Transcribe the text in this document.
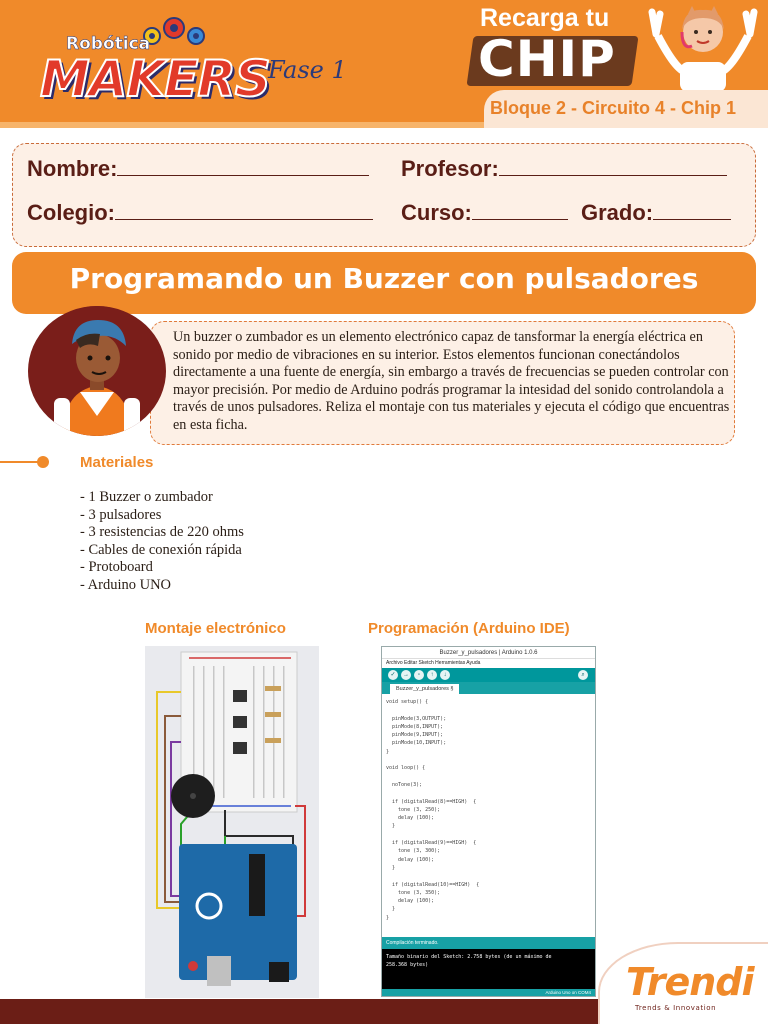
Robótica
MAKERS
Fase 1
Recarga tu
CHIP
Bloque 2 - Circuito 4 - Chip 1
Nombre:	Profesor:
Colegio:	Curso:	Grado:
Programando un Buzzer con pulsadores

Un buzzer o zumbador es un elemento electrónico capaz de tansformar la energía eléctrica en sonido por medio de vibraciones en su interior. Estos elementos funcionan conectándolos directamente a una fuente de energía, sin embargo a través de frecuencias se pueden controlar con mayor precisión. Por medio de Arduino podrás programar la intesidad del sonido controlandola a través de unos pulsadores. Reliza el montaje con tus materiales y ejecuta el código que encuentras en esta ficha.

Materiales
- 1 Buzzer o zumbador
- 3 pulsadores
- 3 resistencias de 220 ohms
- Cables de conexión rápida
- Protoboard
- Arduino UNO
Montaje electrónico	Programación (Arduino IDE)
Buzzer_y_pulsadores | Arduino 1.0.6
Archivo Editar Sketch Herramientas Ayuda
✓	→	▫	↑	↓	⌕
Buzzer_y_pulsadores §
void setup() {

pinMode(3,OUTPUT);
pinMode(8,INPUT);
pinMode(9,INPUT);
pinMode(10,INPUT);
}

void loop() {

noTone(3);

if (digitalRead(8)==HIGH)  {
tone (3, 250);
delay (100);
}

if (digitalRead(9)==HIGH)  {
tone (3, 300);
delay (100);
}

if (digitalRead(10)==HIGH)  {
tone (3, 350);
delay (100);
}
}
Compilación terminado.
Tamaño binario del Sketch: 2.758 bytes (de un máximo de
258.368 bytes)
Arduino Uno on COM4 Trendi
Trends & Innovation
